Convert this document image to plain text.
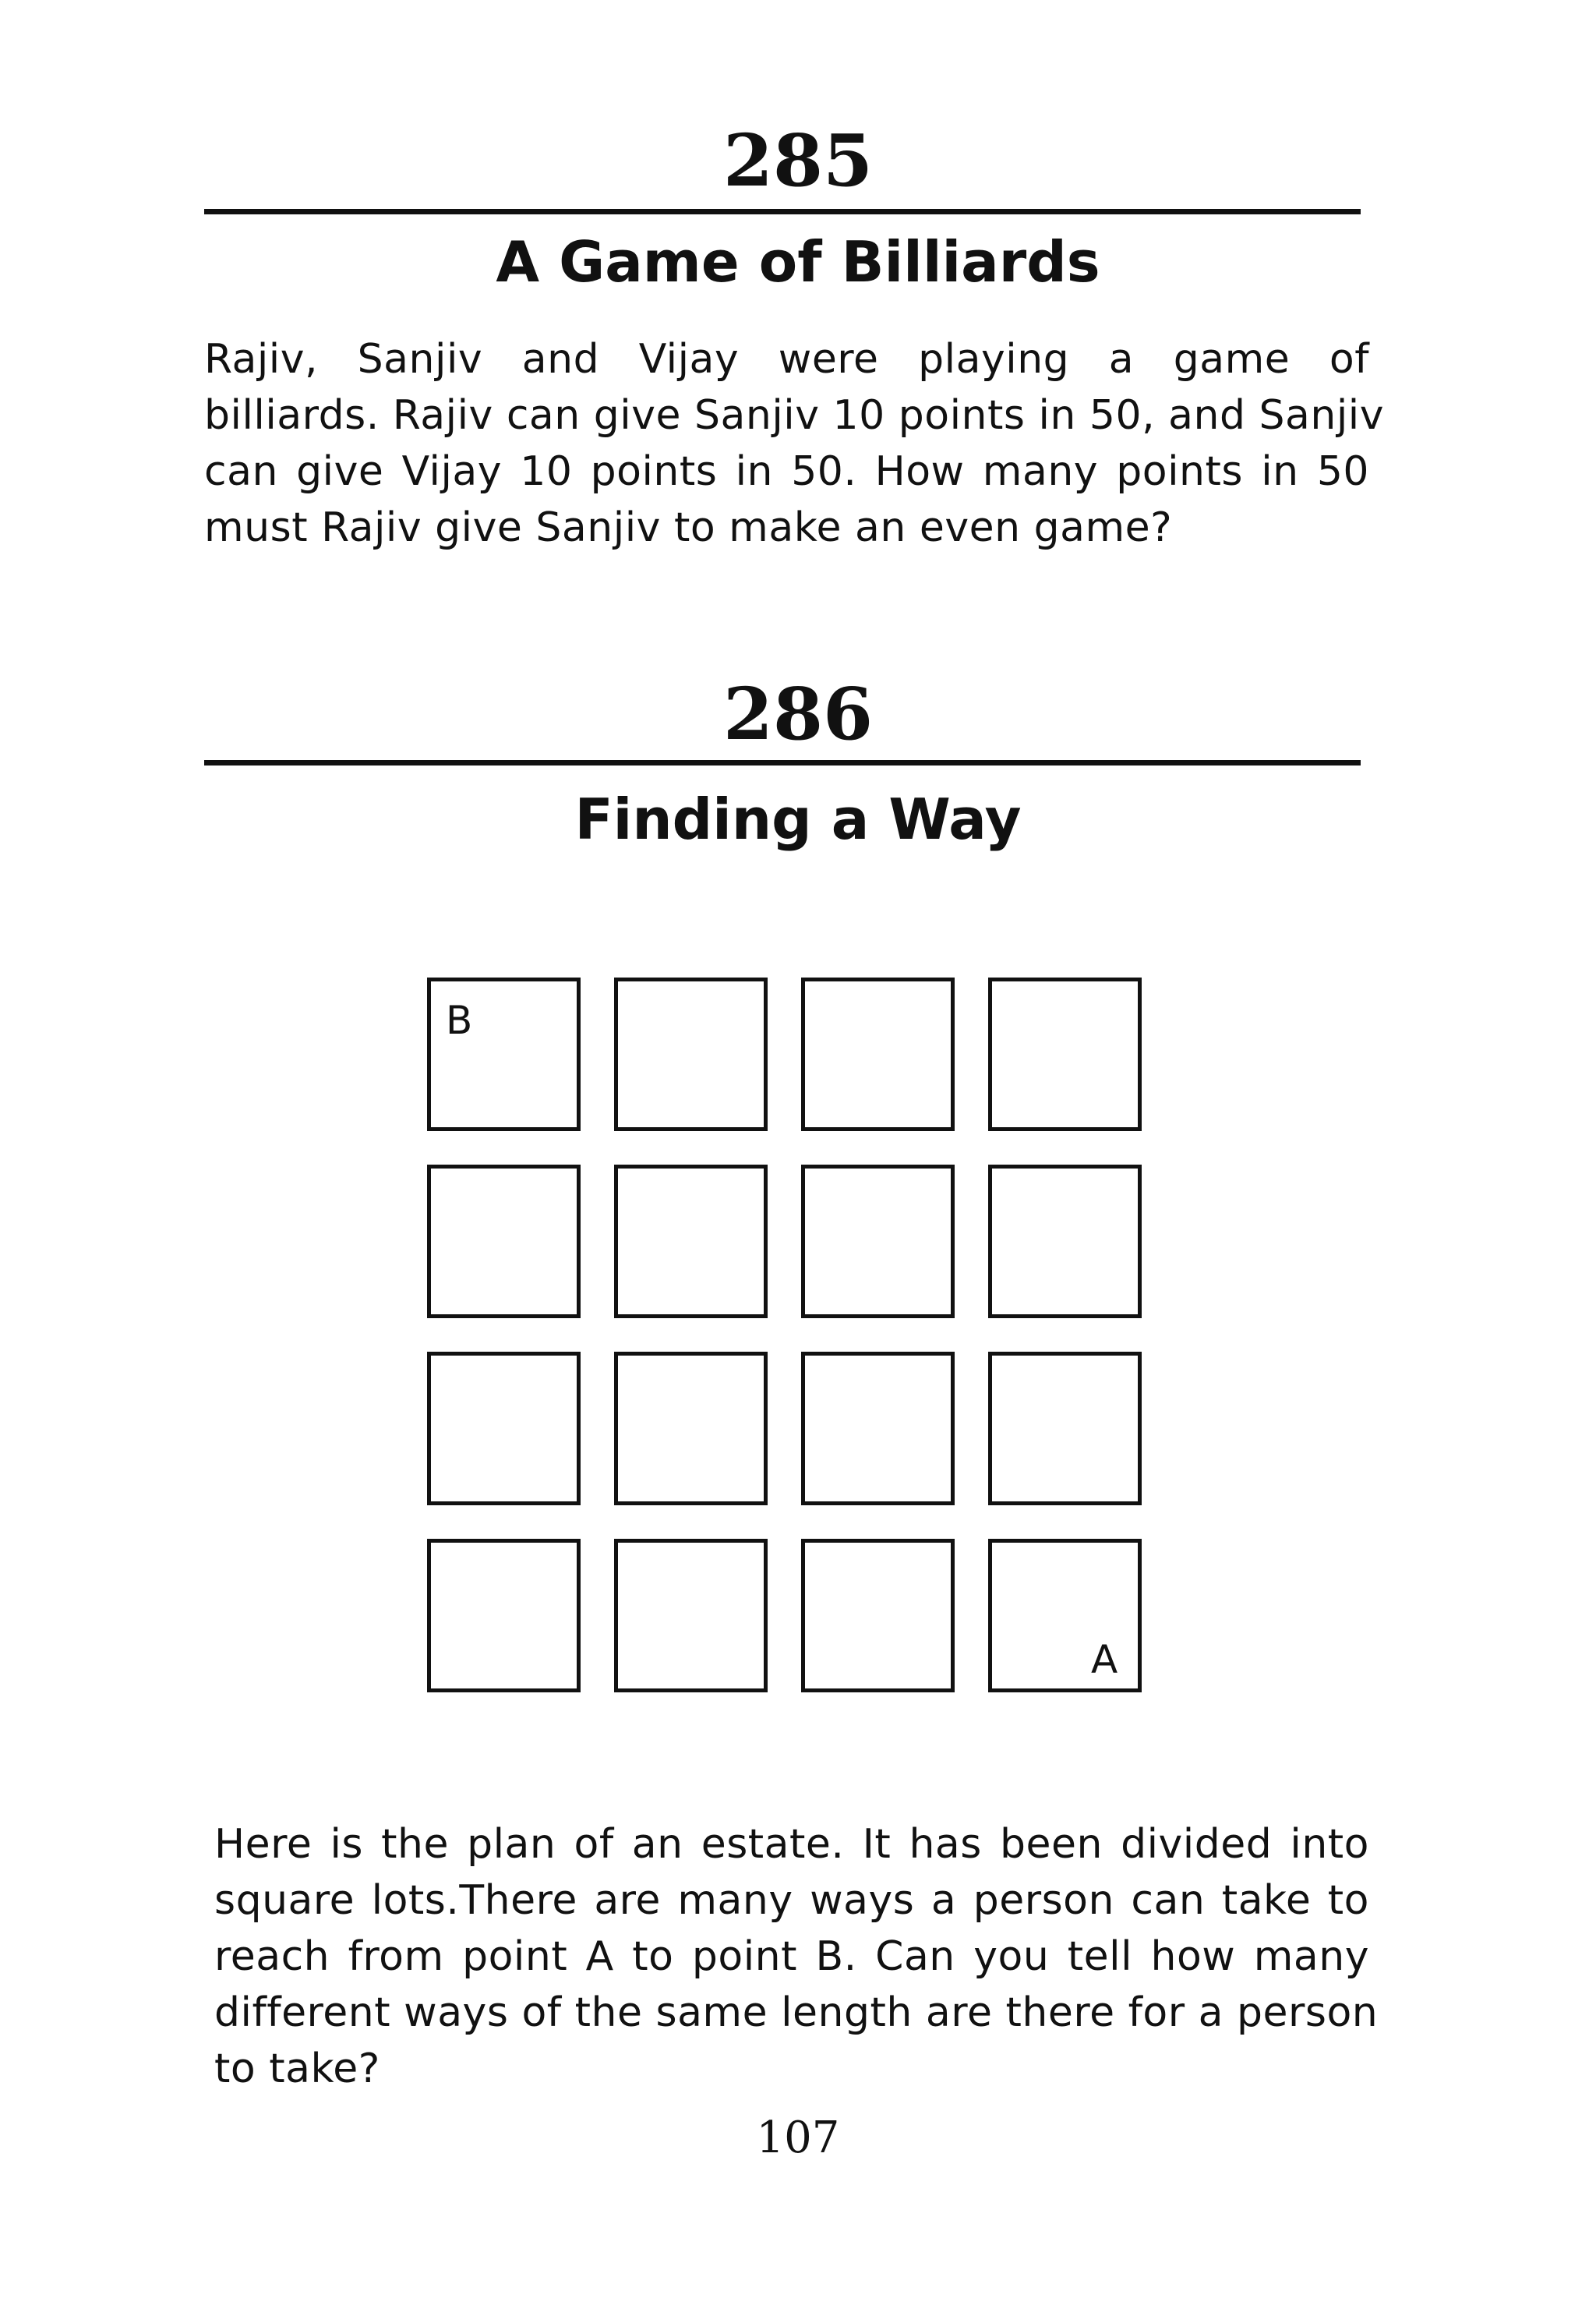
285
A Game of Billiards
Rajiv, Sanjiv and Vijay were playing a game of
billiards. Rajiv can give Sanjiv 10 points in 50, and Sanjiv
can give Vijay 10 points in 50. How many points in 50
must Rajiv give Sanjiv to make an even game?
286
Finding a Way
B
A
Here is the plan of an estate. It has been divided into
square lots.There are many ways a person can take to
reach from point A to point B. Can you tell how many
different ways of the same length are there for a person
to take?
107
